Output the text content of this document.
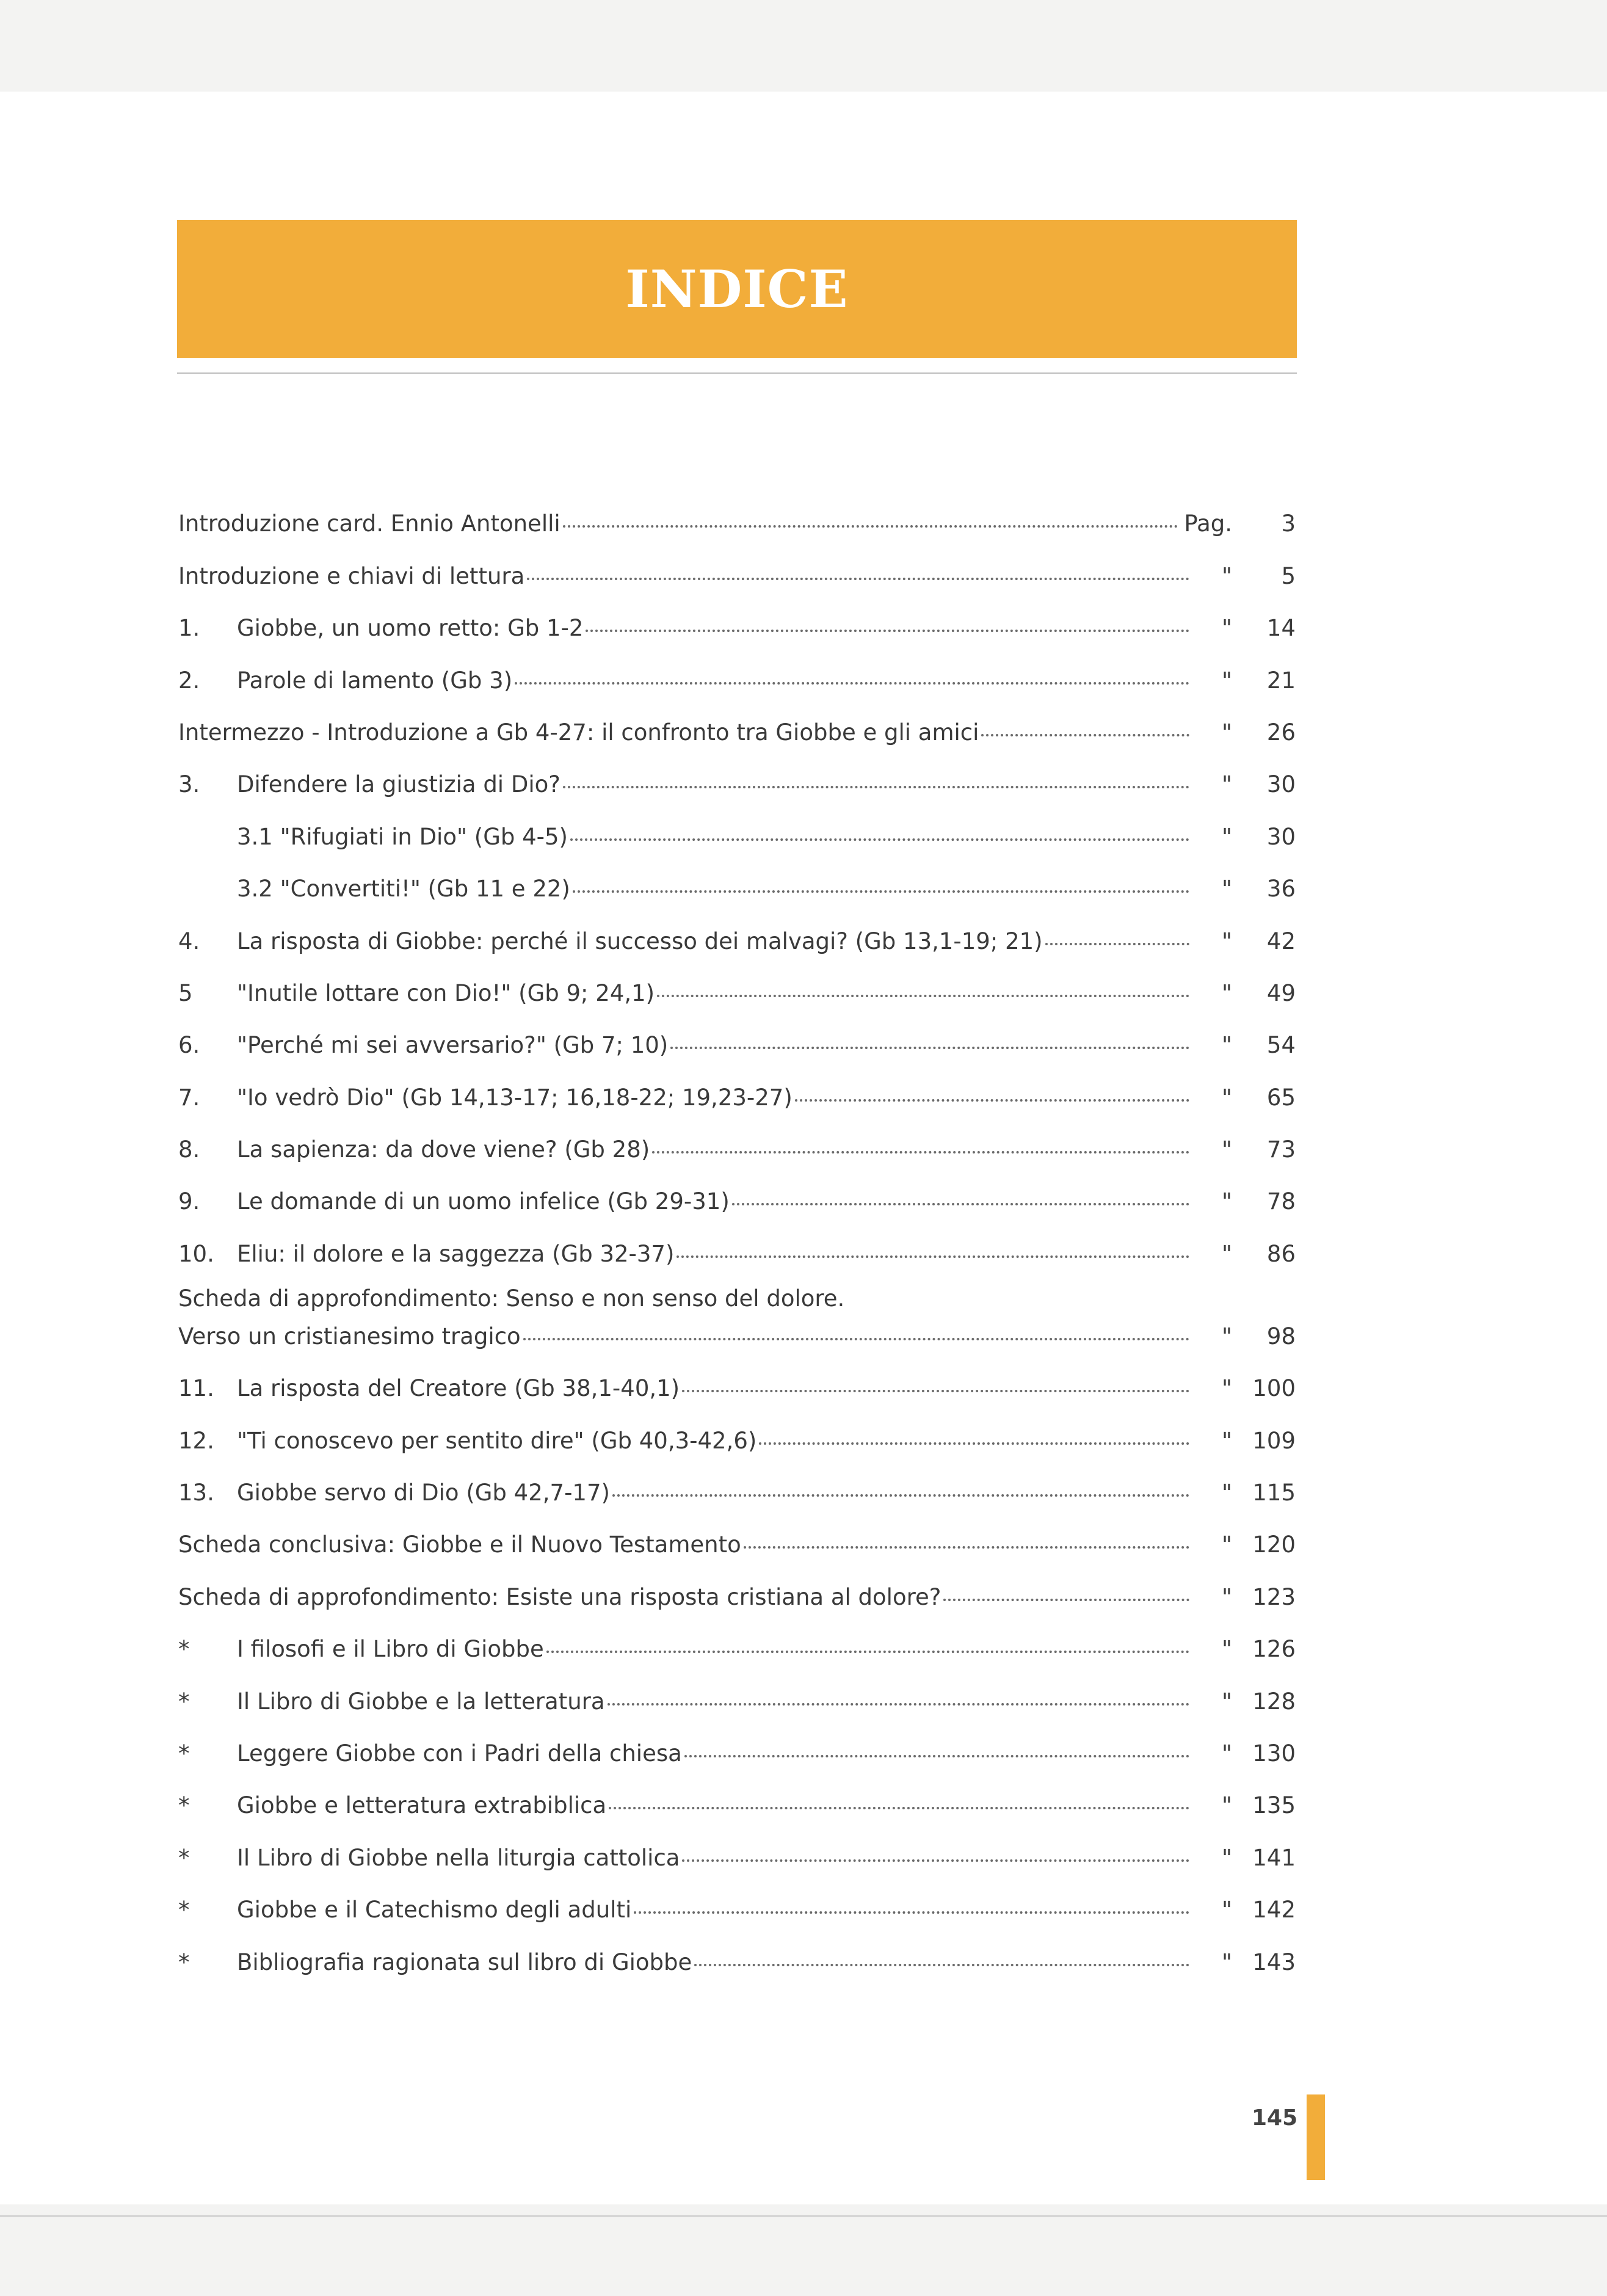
INDICE
Introduzione card. Ennio Antonelli	Pag.	3
Introduzione e chiavi di lettura	"	5
1.	Giobbe, un uomo retto: Gb 1-2	"	14
2.	Parole di lamento (Gb 3)	"	21
Intermezzo - Introduzione a Gb 4-27: il confronto tra Giobbe e gli amici	"	26
3.	Difendere la giustizia di Dio?	"	30
3.1 "Rifugiati in Dio" (Gb 4-5)	"	30
3.2 "Convertiti!" (Gb 11 e 22)	"	36
4.	La risposta di Giobbe: perché il successo dei malvagi? (Gb 13,1-19; 21)	"	42
5	"Inutile lottare con Dio!" (Gb 9; 24,1)	"	49
6.	"Perché mi sei avversario?" (Gb 7; 10)	"	54
7.	"Io vedrò Dio" (Gb 14,13-17; 16,18-22; 19,23-27)	"	65
8.	La sapienza: da dove viene? (Gb 28)	"	73
9.	Le domande di un uomo infelice (Gb 29-31)	"	78
10.	Eliu: il dolore e la saggezza (Gb 32-37)	"	86
Scheda di approfondimento: Senso e non senso del dolore.
Verso un cristianesimo tragico	"	98
11.	La risposta del Creatore (Gb 38,1-40,1)	" 100
12.	"Ti conoscevo per sentito dire" (Gb 40,3-42,6)	" 109
13.	Giobbe servo di Dio (Gb 42,7-17)	" 115
Scheda conclusiva: Giobbe e il Nuovo Testamento	" 120
Scheda di approfondimento: Esiste una risposta cristiana al dolore?	" 123
*	I filosofi e il Libro di Giobbe	" 126
*	Il Libro di Giobbe e la letteratura	" 128
*	Leggere Giobbe con i Padri della chiesa	" 130
*	Giobbe e letteratura extrabiblica	" 135
*	Il Libro di Giobbe nella liturgia cattolica	" 141
*	Giobbe e il Catechismo degli adulti	" 142
*	Bibliografia ragionata sul libro di Giobbe	" 143
145
